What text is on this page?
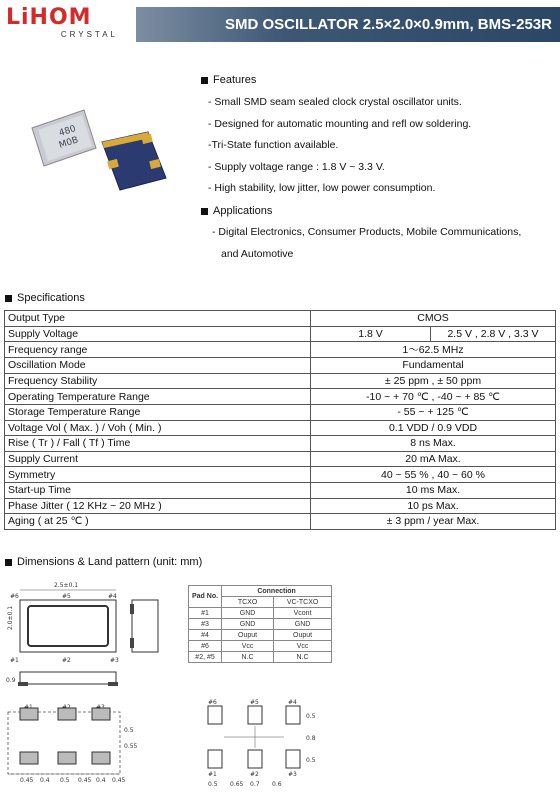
LiHOM
CRYSTAL
SMD OSCILLATOR 2.5×2.0×0.9mm, BMS-253R
480
M0B
Features
- Small SMD seam sealed clock crystal oscillator units.
- Designed for automatic mounting and refl ow soldering.
-Tri-State function available.
- Supply voltage range : 1.8 V ~ 3.3 V.
- High stability, low jitter, low power consumption.
Applications
- Digital Electronics, Consumer Products, Mobile Communications,
and Automotive
Specifications
Output Type	CMOS	
Supply Voltage	1.8 V	2.5 V , 2.8 V , 3.3 V
Frequency range	1～62.5 MHz	
Oscillation Mode	Fundamental	
Frequency Stability	± 25 ppm , ± 50 ppm	
Operating Temperature Range	-10 ~ + 70 ℃ , -40 ~ + 85 ℃	
Storage Temperature Range	- 55 ~ + 125 ℃	
Voltage Vol ( Max. ) / Voh ( Min. )	0.1 VDD / 0.9 VDD	
Rise ( Tr ) / Fall ( Tf ) Time	8 ns Max.	
Supply Current	20 mA Max.	
Symmetry	40 ~ 55 % , 40 ~ 60 %	
Start-up Time	10 ms Max.	
Phase Jitter ( 12 KHz ~ 20 MHz )	10 ps Max.	
Aging ( at 25 ℃ )	± 3 ppm / year Max.	
Dimensions & Land pattern (unit: mm)
2.5±0.1
#6	#5	#4
2.0±0.1
#1	#2	#3
0.9
0.45 0.4 0.5 0.45 0.4 0.45
0.5
0.55
Pad No.	Connection	
	TCXO	VC-TCXO
#1	GND	Vcont
#3	GND	GND
#4	Ouput	Ouput
#6	Vcc	Vcc
#2, #5	N.C	N.C
#6	#5	#4
#1	#2	#3
0.5 0.65 0.7 0.6
0.5
0.8
0.5
